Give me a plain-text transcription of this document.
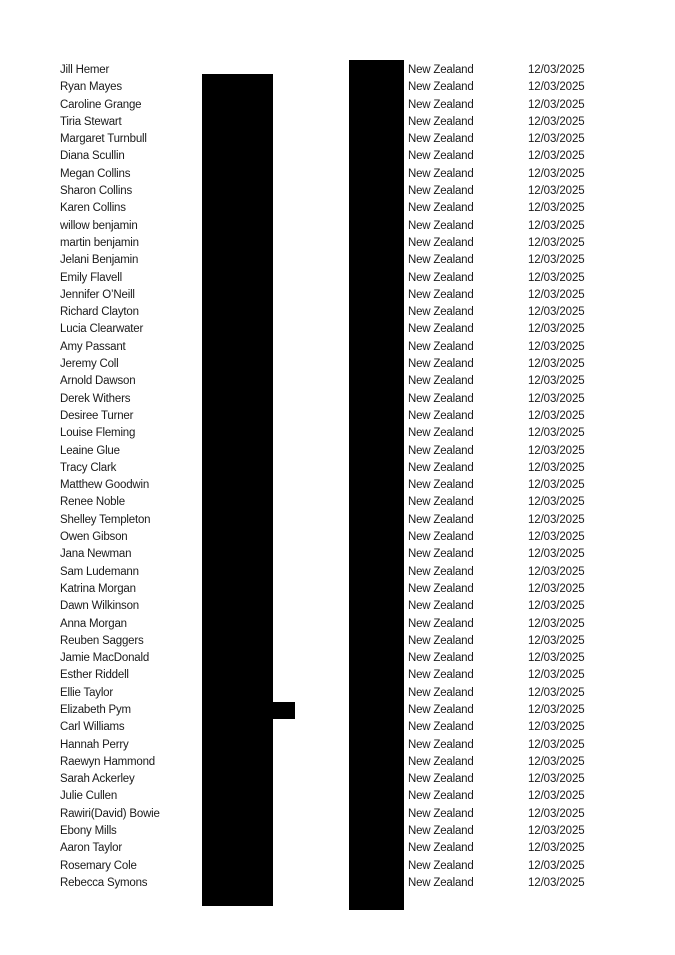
Jill Hemer	New Zealand	12/03/2025
Ryan Mayes	New Zealand	12/03/2025
Caroline Grange	New Zealand	12/03/2025
Tiria Stewart	New Zealand	12/03/2025
Margaret Turnbull	New Zealand	12/03/2025
Diana Scullin	New Zealand	12/03/2025
Megan Collins	New Zealand	12/03/2025
Sharon Collins	New Zealand	12/03/2025
Karen Collins	New Zealand	12/03/2025
willow benjamin	New Zealand	12/03/2025
martin benjamin	New Zealand	12/03/2025
Jelani Benjamin	New Zealand	12/03/2025
Emily Flavell	New Zealand	12/03/2025
Jennifer O’Neill	New Zealand	12/03/2025
Richard Clayton	New Zealand	12/03/2025
Lucia Clearwater	New Zealand	12/03/2025
Amy Passant	New Zealand	12/03/2025
Jeremy Coll	New Zealand	12/03/2025
Arnold Dawson	New Zealand	12/03/2025
Derek Withers	New Zealand	12/03/2025
Desiree Turner	New Zealand	12/03/2025
Louise Fleming	New Zealand	12/03/2025
Leaine Glue	New Zealand	12/03/2025
Tracy Clark	New Zealand	12/03/2025
Matthew Goodwin	New Zealand	12/03/2025
Renee Noble	New Zealand	12/03/2025
Shelley Templeton	New Zealand	12/03/2025
Owen Gibson	New Zealand	12/03/2025
Jana Newman	New Zealand	12/03/2025
Sam Ludemann	New Zealand	12/03/2025
Katrina Morgan	New Zealand	12/03/2025
Dawn Wilkinson	New Zealand	12/03/2025
Anna Morgan	New Zealand	12/03/2025
Reuben Saggers	New Zealand	12/03/2025
Jamie MacDonald	New Zealand	12/03/2025
Esther Riddell	New Zealand	12/03/2025
Ellie Taylor	New Zealand	12/03/2025
Elizabeth Pym	New Zealand	12/03/2025
Carl Williams	New Zealand	12/03/2025
Hannah Perry	New Zealand	12/03/2025
Raewyn Hammond	New Zealand	12/03/2025
Sarah Ackerley	New Zealand	12/03/2025
Julie Cullen	New Zealand	12/03/2025
Rawiri(David) Bowie	New Zealand	12/03/2025
Ebony Mills	New Zealand	12/03/2025
Aaron Taylor	New Zealand	12/03/2025
Rosemary Cole	New Zealand	12/03/2025
Rebecca Symons	New Zealand	12/03/2025
